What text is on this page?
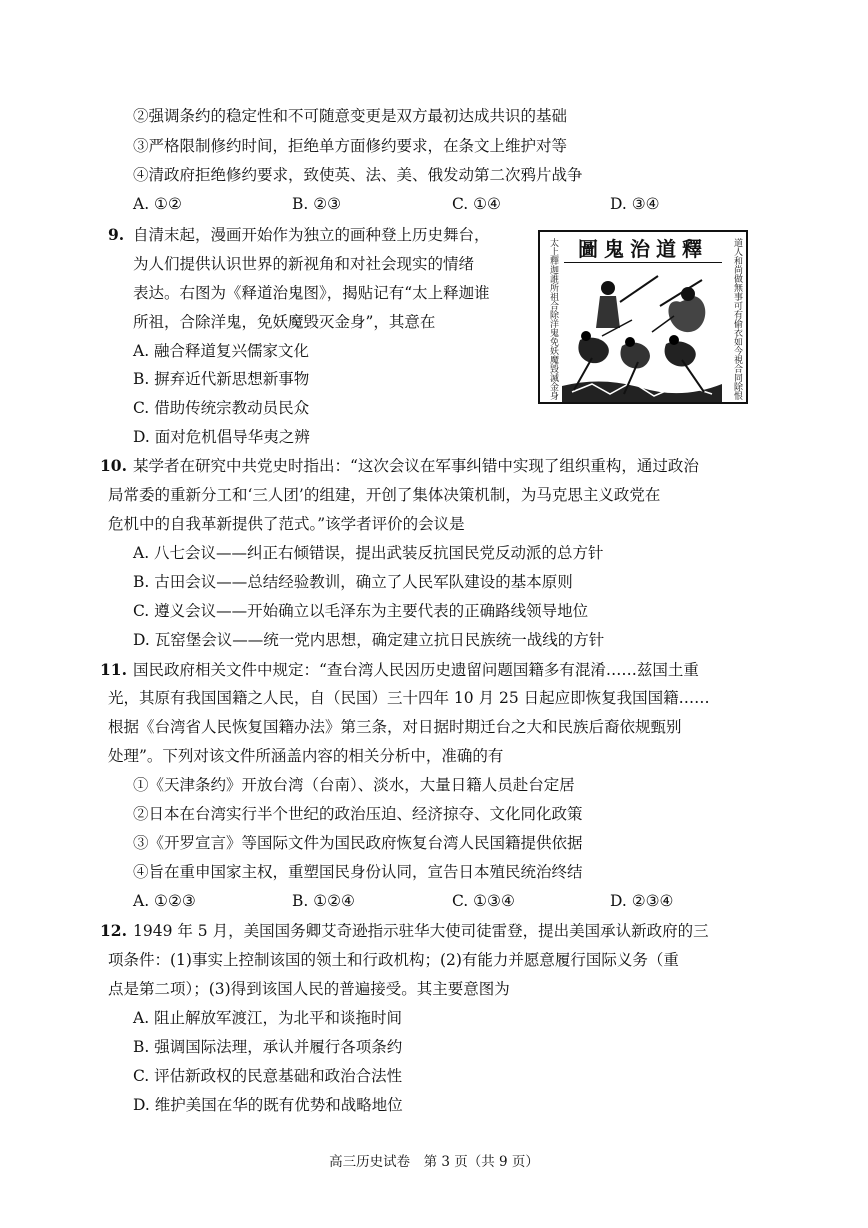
②强调条约的稳定性和不可随意变更是双方最初达成共识的基础
③严格限制修约时间，拒绝单方面修约要求，在条文上维护对等
④清政府拒绝修约要求，致使英、法、美、俄发动第二次鸦片战争
A. ①②	B. ②③	C. ①④	D. ③④
9. 自清末起，漫画开始作为独立的画种登上历史舞台，
为人们提供认识世界的新视角和对社会现实的情绪
表达。右图为《释道治鬼图》，揭贴记有“太上释迦谁
所祖，合除洋鬼，免妖魔毁灭金身”，其意在
A. 融合释道复兴儒家文化
B. 摒弃近代新思想新事物
C. 借助传统宗教动员民众
D. 面对危机倡导华夷之辨
太上釋迦誰所祖合除洋鬼免妖魔毀滅金身	圖鬼治道釋	道人和尚做無事可有偷衣如今視合同除恨
10. 某学者在研究中共党史时指出：“这次会议在军事纠错中实现了组织重构，通过政治
局常委的重新分工和‘三人团’的组建，开创了集体决策机制，为马克思主义政党在
危机中的自我革新提供了范式。”该学者评价的会议是
A. 八七会议——纠正右倾错误，提出武装反抗国民党反动派的总方针
B. 古田会议——总结经验教训，确立了人民军队建设的基本原则
C. 遵义会议——开始确立以毛泽东为主要代表的正确路线领导地位
D. 瓦窑堡会议——统一党内思想，确定建立抗日民族统一战线的方针
11. 国民政府相关文件中规定：“查台湾人民因历史遗留问题国籍多有混淆……兹国土重
光，其原有我国国籍之人民，自（民国）三十四年 10 月 25 日起应即恢复我国国籍……
根据《台湾省人民恢复国籍办法》第三条，对日据时期迁台之大和民族后裔依规甄别
处理”。下列对该文件所涵盖内容的相关分析中，准确的有
①《天津条约》开放台湾（台南）、淡水，大量日籍人员赴台定居
②日本在台湾实行半个世纪的政治压迫、经济掠夺、文化同化政策
③《开罗宣言》等国际文件为国民政府恢复台湾人民国籍提供依据
④旨在重申国家主权，重塑国民身份认同，宣告日本殖民统治终结
A. ①②③	B. ①②④	C. ①③④	D. ②③④
12. 1949 年 5 月，美国国务卿艾奇逊指示驻华大使司徒雷登，提出美国承认新政府的三
项条件：(1)事实上控制该国的领土和行政机构；(2)有能力并愿意履行国际义务（重
点是第二项）；(3)得到该国人民的普遍接受。其主要意图为
A. 阻止解放军渡江，为北平和谈拖时间
B. 强调国际法理，承认并履行各项条约
C. 评估新政权的民意基础和政治合法性
D. 维护美国在华的既有优势和战略地位
高三历史试卷　第 3 页（共 9 页）
